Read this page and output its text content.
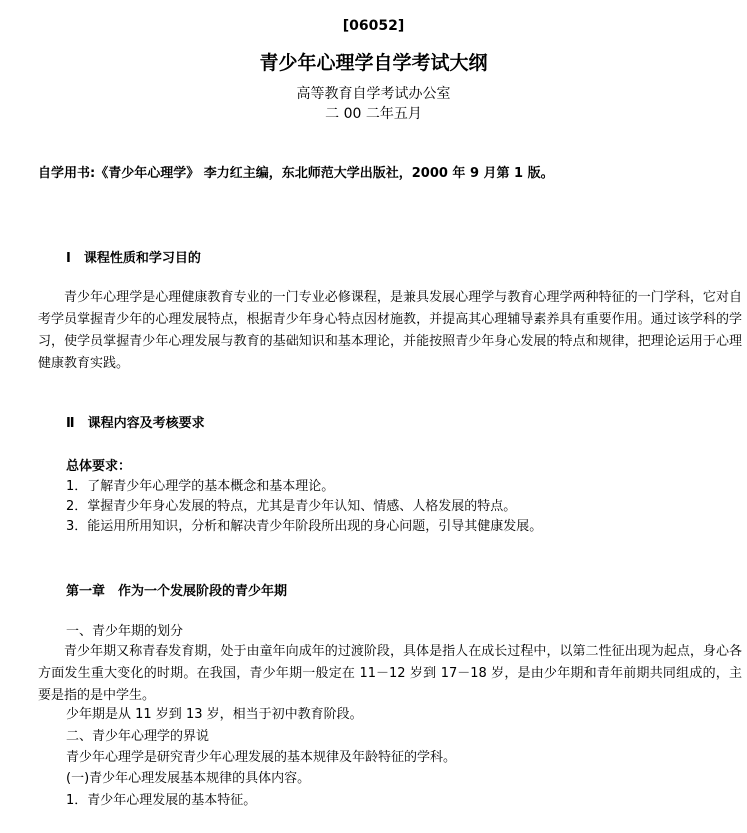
[06052]
青少年心理学自学考试大纲
高等教育自学考试办公室
二 00 二年五月
自学用书:《青少年心理学》 李力红主编，东北师范大学出版社，2000 年 9 月第 1 版。
Ⅰ　课程性质和学习目的

青少年心理学是心理健康教育专业的一门专业必修课程，是兼具发展心理学与教育心理学两种特征的一门学科，它对自考学员掌握青少年的心理发展特点，根据青少年身心特点因材施教，并提高其心理辅导素养具有重要作用。通过该学科的学习，使学员掌握青少年心理发展与教育的基础知识和基本理论，并能按照青少年身心发展的特点和规律，把理论运用于心理健康教育实践。

Ⅱ　课程内容及考核要求
总体要求：
1．了解青少年心理学的基本概念和基本理论。
2．掌握青少年身心发展的特点，尤其是青少年认知、情感、人格发展的特点。
3．能运用所用知识，分析和解决青少年阶段所出现的身心问题，引导其健康发展。
第一章　作为一个发展阶段的青少年期
一、青少年期的划分

青少年期又称青春发育期，处于由童年向成年的过渡阶段，具体是指人在成长过程中，以第二性征出现为起点，身心各方面发生重大变化的时期。在我国，青少年期一般定在 11－12 岁到 17－18 岁，是由少年期和青年前期共同组成的，主要是指的是中学生。

少年期是从 11 岁到 13 岁，相当于初中教育阶段。
二、青少年心理学的界说
青少年心理学是研究青少年心理发展的基本规律及年龄特征的学科。
(一)青少年心理发展基本规律的具体内容。
1．青少年心理发展的基本特征。
